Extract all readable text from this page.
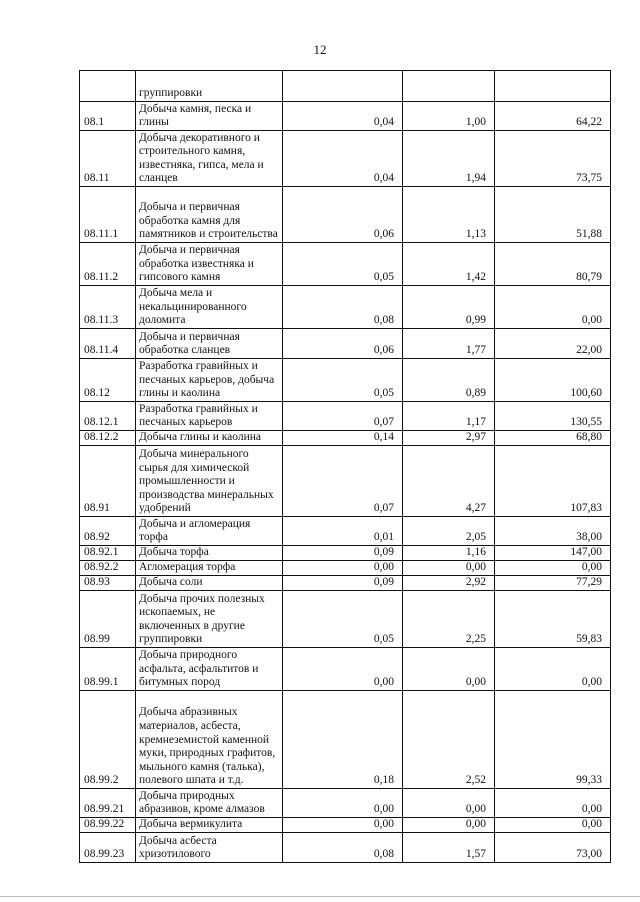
12
	группировки			
08.1	Добыча камня, песка и глины	0,04	1,00	64,22
08.11	Добыча декоративного и строительного камня, известняка, гипса, мела и сланцев	0,04	1,94	73,75
08.11.1	Добыча и первичная обработка камня для памятников и строительства	0,06	1,13	51,88
08.11.2	Добыча и первичная обработка известняка и гипсового камня	0,05	1,42	80,79
08.11.3	Добыча мела и некальцинированного доломита	0,08	0,99	0,00
08.11.4	Добыча и первичная обработка сланцев	0,06	1,77	22,00
08.12	Разработка гравийных и песчаных карьеров, добыча глины и каолина	0,05	0,89	100,60
08.12.1	Разработка гравийных и песчаных карьеров	0,07	1,17	130,55
08.12.2	Добыча глины и каолина	0,14	2,97	68,80
08.91	Добыча минерального сырья для химической промышленности и производства минеральных удобрений	0,07	4,27	107,83
08.92	Добыча и агломерация торфа	0,01	2,05	38,00
08.92.1	Добыча торфа	0,09	1,16	147,00
08.92.2	Агломерация торфа	0,00	0,00	0,00
08.93	Добыча соли	0,09	2,92	77,29
08.99	Добыча прочих полезных ископаемых, не включенных в другие группировки	0,05	2,25	59,83
08.99.1	Добыча природного асфальта, асфальтитов и битумных пород	0,00	0,00	0,00
08.99.2	Добыча абразивных материалов, асбеста, кремнеземистой каменной муки, природных графитов, мыльного камня (талька), полевого шпата и т.д.	0,18	2,52	99,33
08.99.21	Добыча природных абразивов, кроме алмазов	0,00	0,00	0,00
08.99.22	Добыча вермикулита	0,00	0,00	0,00
08.99.23	Добыча асбеста хризотилового	0,08	1,57	73,00
